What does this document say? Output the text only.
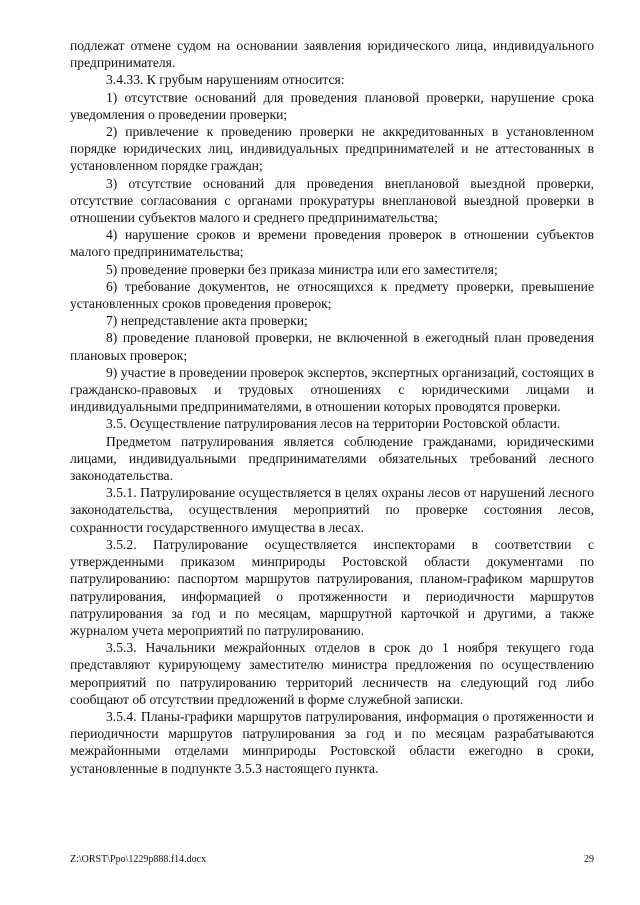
подлежат отмене судом на основании заявления юридического лица, индивидуального предпринимателя.

3.4.33. К грубым нарушениям относится:

1) отсутствие оснований для проведения плановой проверки, нарушение срока уведомления о проведении проверки;

2) привлечение к проведению проверки не аккредитованных в установленном порядке юридических лиц, индивидуальных предпринимателей и не аттестованных в установленном порядке граждан;

3) отсутствие оснований для проведения внеплановой выездной проверки, отсутствие согласования с органами прокуратуры внеплановой выездной проверки в отношении субъектов малого и среднего предпринимательства;

4) нарушение сроков и времени проведения проверок в отношении субъектов малого предпринимательства;

5) проведение проверки без приказа министра или его заместителя;

6) требование документов, не относящихся к предмету проверки, превышение установленных сроков проведения проверок;

7) непредставление акта проверки;

8) проведение плановой проверки, не включенной в ежегодный план проведения плановых проверок;

9) участие в проведении проверок экспертов, экспертных организаций, состоящих в гражданско-правовых и трудовых отношениях с юридическими лицами и индивидуальными предпринимателями, в отношении которых проводятся проверки.

3.5. Осуществление патрулирования лесов на территории Ростовской области.

Предметом патрулирования является соблюдение гражданами, юридическими лицами, индивидуальными предпринимателями обязательных требований лесного законодательства.

3.5.1. Патрулирование осуществляется в целях охраны лесов от нарушений лесного законодательства, осуществления мероприятий по проверке состояния лесов, сохранности государственного имущества в лесах.

3.5.2. Патрулирование осуществляется инспекторами в соответствии с утвержденными приказом минприроды Ростовской области документами по патрулированию: паспортом маршрутов патрулирования, планом-графиком маршрутов патрулирования, информацией о протяженности и периодичности маршрутов патрулирования за год и по месяцам, маршрутной карточкой и другими, а также журналом учета мероприятий по патрулированию.

3.5.3. Начальники межрайонных отделов в срок до 1 ноября текущего года представляют курирующему заместителю министра предложения по осуществлению мероприятий по патрулированию территорий лесничеств на следующий год либо сообщают об отсутствии предложений в форме служебной записки.

3.5.4. Планы-графики маршрутов патрулирования, информация о протяженности и периодичности маршрутов патрулирования за год и по месяцам разрабатываются межрайонными отделами минприроды Ростовской области ежегодно в сроки, установленные в подпункте 3.5.3 настоящего пункта.

Z:\ORST\Ppo\1229p888.f14.docx	29
